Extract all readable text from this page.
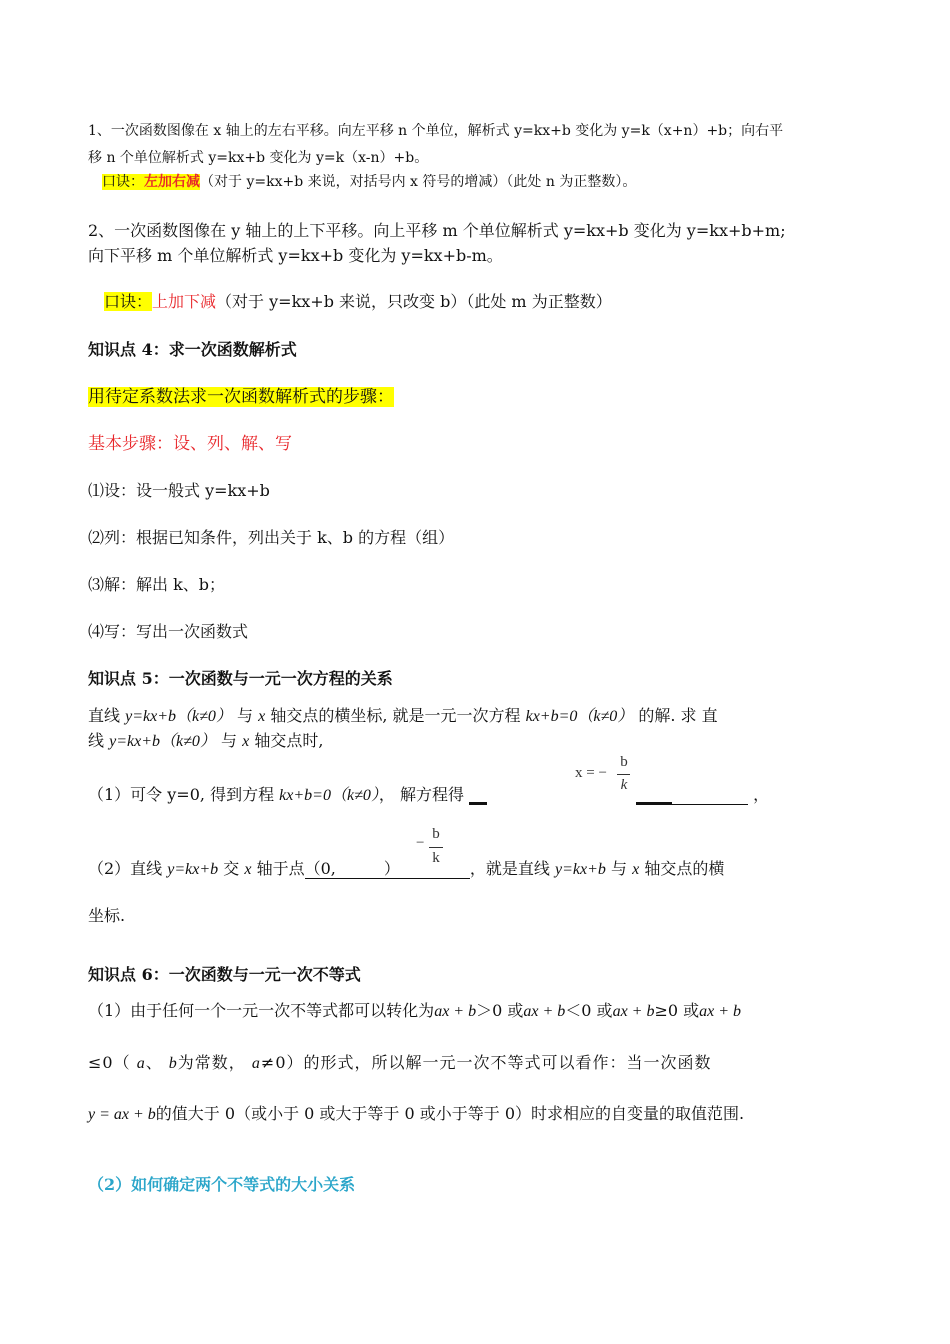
1、一次函数图像在 x 轴上的左右平移。向左平移 n 个单位，解析式 y=kx+b 变化为 y=k（x+n）+b；向右平
移 n 个单位解析式 y=kx+b 变化为 y=k（x-n）+b。
口诀：左加右减（对于 y=kx+b 来说，对括号内 x 符号的增减）（此处 n 为正整数）。
2、一次函数图像在 y 轴上的上下平移。向上平移 m 个单位解析式 y=kx+b 变化为 y=kx+b+m;
向下平移 m 个单位解析式 y=kx+b 变化为 y=kx+b-m。
口诀：上加下减（对于 y=kx+b 来说，只改变 b）（此处 m 为正整数）
知识点 4：求一次函数解析式
用待定系数法求一次函数解析式的步骤：
基本步骤：设、列、解、写
⑴设：设一般式 y=kx+b
⑵列：根据已知条件，列出关于 k、b 的方程（组）
⑶解：解出 k、b；
⑷写：写出一次函数式
知识点 5：一次函数与一元一次方程的关系
直线 y=kx+b（k≠0） 与 x 轴交点的横坐标, 就是一元一次方程 kx+b=0（k≠0） 的解. 求 直
线 y=kx+b（k≠0） 与 x 轴交点时,
x = −
b
k
（1）可令 y=0, 得到方程 kx+b=0（k≠0）， 解方程得	，
−
b
k
（2）直线 y=kx+b 交 x 轴于点（0,	）	，就是直线 y=kx+b 与 x 轴交点的横
坐标.
知识点 6：一次函数与一元一次不等式
（1）由于任何一个一元一次不等式都可以转化为ax + b＞0 或ax + b＜0 或ax + b≥0 或ax + b
≤0（ a、 b为常数， a≠0）的形式，所以解一元一次不等式可以看作：当一次函数
y = ax + b的值大于 0（或小于 0 或大于等于 0 或小于等于 0）时求相应的自变量的取值范围.
（2）如何确定两个不等式的大小关系
